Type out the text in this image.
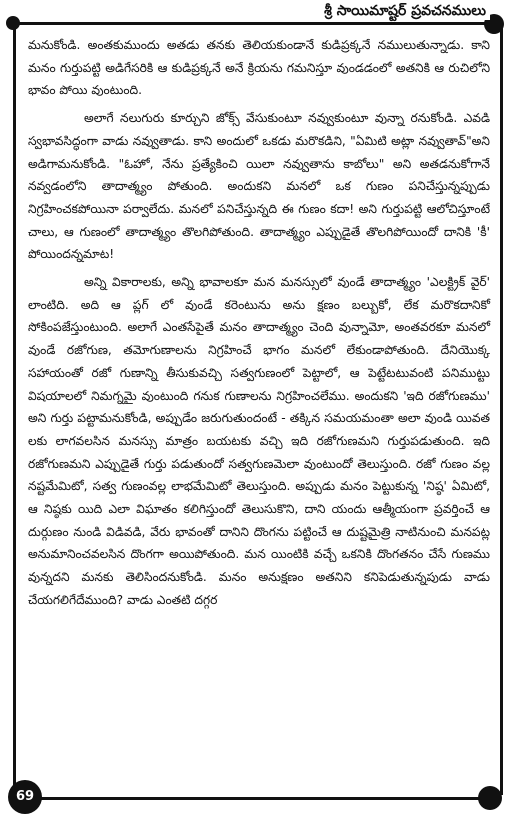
శ్రీ సాయిమాష్టర్ ప్రవచనములు

మనుకోండి. అంతకుముందు అతడు తనకు తెలియకుండానే కుడిప్రక్కనే నములుతున్నాడు. కాని మనం గుర్తుపట్టి అడిగేసరికి ఆ కుడిప్రక్కనే అనే క్రియను గమనిస్తూ వుండడంలో అతనికి ఆ రుచిలోని భావం పోయి వుంటుంది.

అలాగే నలుగురు కూర్చుని జోక్స్ వేసుకుంటూ నవ్వుకుంటూ వున్నా రనుకోండి. ఎవడి స్వభావసిద్ధంగా వాడు నవ్వుతాడు. కాని అందులో ఒకడు మరొకడిని, "ఏమిటి అట్లా నవ్వుతావ్"అని అడిగామనుకోండి. "ఓహో, నేను ప్రత్యేకించి యిలా నవ్వుతాను కాబోలు" అని అతడనుకోగానే నవ్వడంలోని తాదాత్మ్యం పోతుంది. అందుకని మనలో ఒక గుణం పనిచేస్తున్నప్పుడు నిగ్రహించకపోయినా పర్వాలేదు. మనలో పనిచేస్తున్నది ఈ గుణం కదా! అని గుర్తుపట్టి ఆలోచిస్తూంటే చాలు, ఆ గుణంలో తాదాత్మ్యం తొలగిపోతుంది. తాదాత్మ్యం ఎప్పుడైతే తొలగిపోయిందో దానికి 'కీ' పోయిందన్నమాట!

అన్ని వికారాలకు, అన్ని భావాలకూ మన మనస్సులో వుండే తాదాత్మ్యం 'ఎలక్ట్రిక్ వైర్' లాంటిది. అది ఆ ప్లగ్ లో వుండే కరెంటును అను క్షణం బల్బుకో, లేక మరొకదానికో సోకింపజేస్తుంటుంది. అలాగే ఎంతసేపైతే మనం తాదాత్మ్యం చెంది వున్నామో, అంతవరకూ మనలో వుండే రజోగుణ, తమోగుణాలను నిగ్రహించే భాగం మనలో లేకుండాపోతుంది. దేనియొక్క సహాయంతో రజో గుణాన్ని తీసుకువచ్చి సత్వగుణంలో పెట్టాలో, ఆ పెట్టేటటువంటి పనిముట్టు విషయాలలో నిమగ్నమై వుంటుంది గనుక గుణాలను నిగ్రహించలేము. అందుకని 'ఇది రజోగుణము' అని గుర్తు పట్టామనుకోండి, అప్పుడేం జరుగుతుందంటే - తక్కిన సమయమంతా అలా వుండి యివత లకు లాగవలసిన మనస్సు మాత్రం బయటకు వచ్చి ఇది రజోగుణమని గుర్తుపడుతుంది. ఇది రజోగుణమని ఎప్పుడైతే గుర్తు పడుతుందో సత్వగుణమెలా వుంటుందో తెలుస్తుంది. రజో గుణం వల్ల నష్టమేమిటో, సత్వ గుణంవల్ల లాభమేమిటో తెలుస్తుంది. అప్పుడు మనం పెట్టుకున్న 'నిష్ఠ' ఏమిటో, ఆ నిష్ఠకు యిది ఎలా విఘాతం కలిగిస్తుందో తెలుసుకొని, దాని యందు ఆత్మీయంగా ప్రవర్తించే ఆ దుర్గుణం నుండి విడివడి, వేరు భావంతో దానిని దొంగను పట్టించే ఆ దుష్టమైత్రి నాటినుంచి మనపట్ల అనుమానించవలసిన దొంగగా అయిపోతుంది. మన యింటికి వచ్చే ఒకనికి దొంగతనం చేసే గుణము వున్నదని మనకు తెలిసిందనుకోండి. మనం అనుక్షణం అతనిని కనిపెడుతున్నపుడు వాడు చేయగలిగేదేముంది? వాడు ఎంతటి దగ్గర

69
